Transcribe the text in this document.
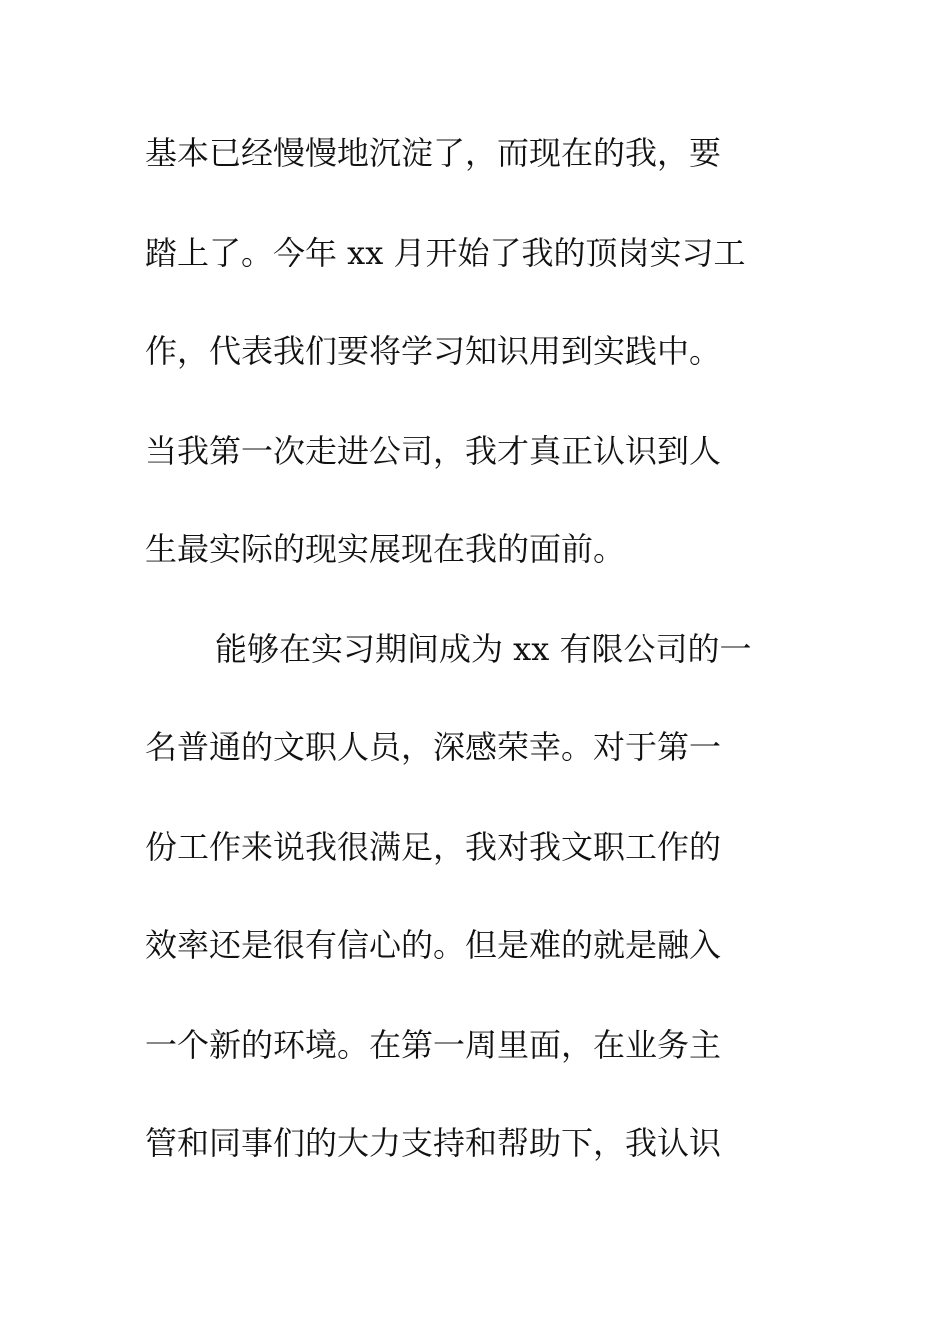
基本已经慢慢地沉淀了，而现在的我，要
踏上了。今年 xx 月开始了我的顶岗实习工
作，代表我们要将学习知识用到实践中。
当我第一次走进公司，我才真正认识到人
生最实际的现实展现在我的面前。
能够在实习期间成为 xx 有限公司的一
名普通的文职人员，深感荣幸。对于第一
份工作来说我很满足，我对我文职工作的
效率还是很有信心的。但是难的就是融入
一个新的环境。在第一周里面，在业务主
管和同事们的大力支持和帮助下，我认识
